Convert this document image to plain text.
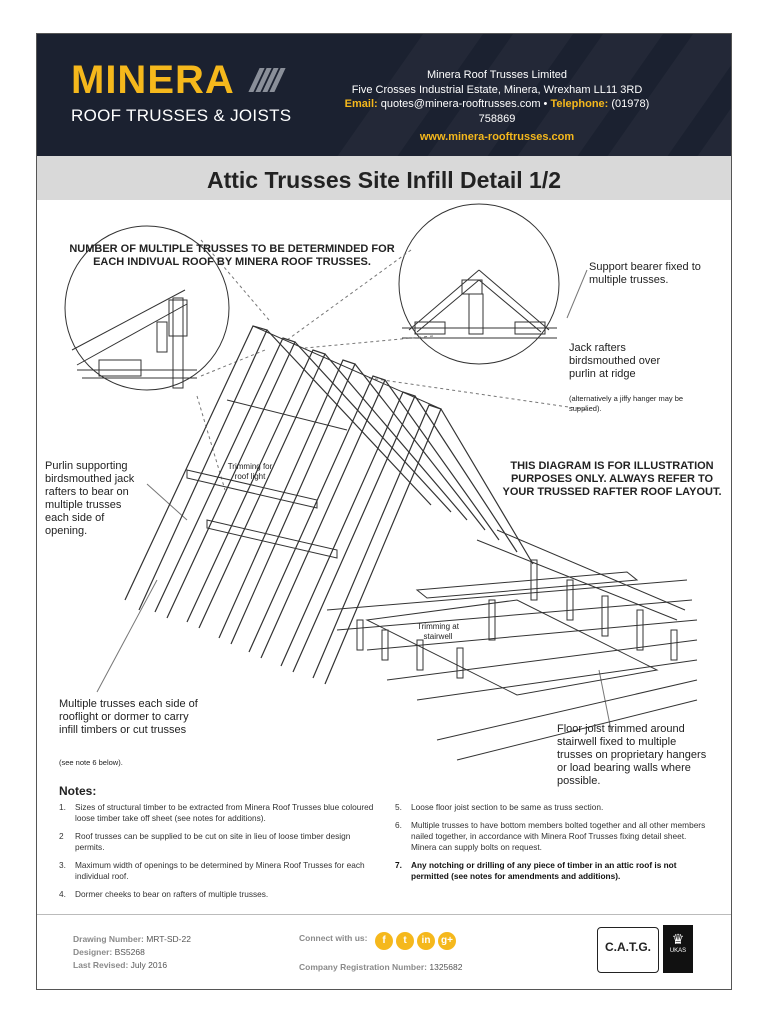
MINERA
ROOF TRUSSES & JOISTS
Minera Roof Trusses Limited
Five Crosses Industrial Estate, Minera, Wrexham LL11 3RD
Email: quotes@minera-rooftrusses.com • Telephone: (01978) 758869
www.minera-rooftrusses.com
Attic Trusses Site Infill Detail 1/2
NUMBER OF MULTIPLE TRUSSES TO BE DETERMINDED FOR EACH INDIVUAL ROOF BY MINERA ROOF TRUSSES.	Support bearer fixed to multiple trusses.
Jack rafters birdsmouthed over purlin at ridge
(alternatively a jiffy hanger may be supplied).
THIS DIAGRAM IS FOR ILLUSTRATION PURPOSES ONLY. ALWAYS REFER TO YOUR TRUSSED RAFTER ROOF LAYOUT.
Purlin supporting birdsmouthed jack rafters to bear on multiple trusses each side of opening.
Trimming for roof light
Trimming at stairwell
Multiple trusses each side of rooflight or dormer to carry infill timbers or cut trusses
(see note 6 below).
Floor joist trimmed around stairwell fixed to multiple trusses on proprietary hangers or load bearing walls where possible.
Notes:
1.	Sizes of structural timber to be extracted from Minera Roof Trusses blue coloured loose timber take off sheet (see notes for additions).
2	Roof trusses can be supplied to be cut on site in lieu of loose timber design permits.
3.	Maximum width of openings to be determined by Minera Roof Trusses for each individual roof.
4.	Dormer cheeks to bear on rafters of multiple trusses.
5.	Loose floor joist section to be same as truss section.
6.	Multiple trusses to have bottom members bolted together and all other members nailed together, in accordance with Minera Roof Trusses fixing detail sheet. Minera can supply bolts on request.
7.	Any notching or drilling of any piece of timber in an attic roof is not permitted (see notes for amendments and additions).
Drawing Number: MRT-SD-22
Designer: BS5268
Last Revised: July 2016
Connect with us:	f t in g+
Company Registration Number: 1325682
C.A.T.G.	♛
UKAS
